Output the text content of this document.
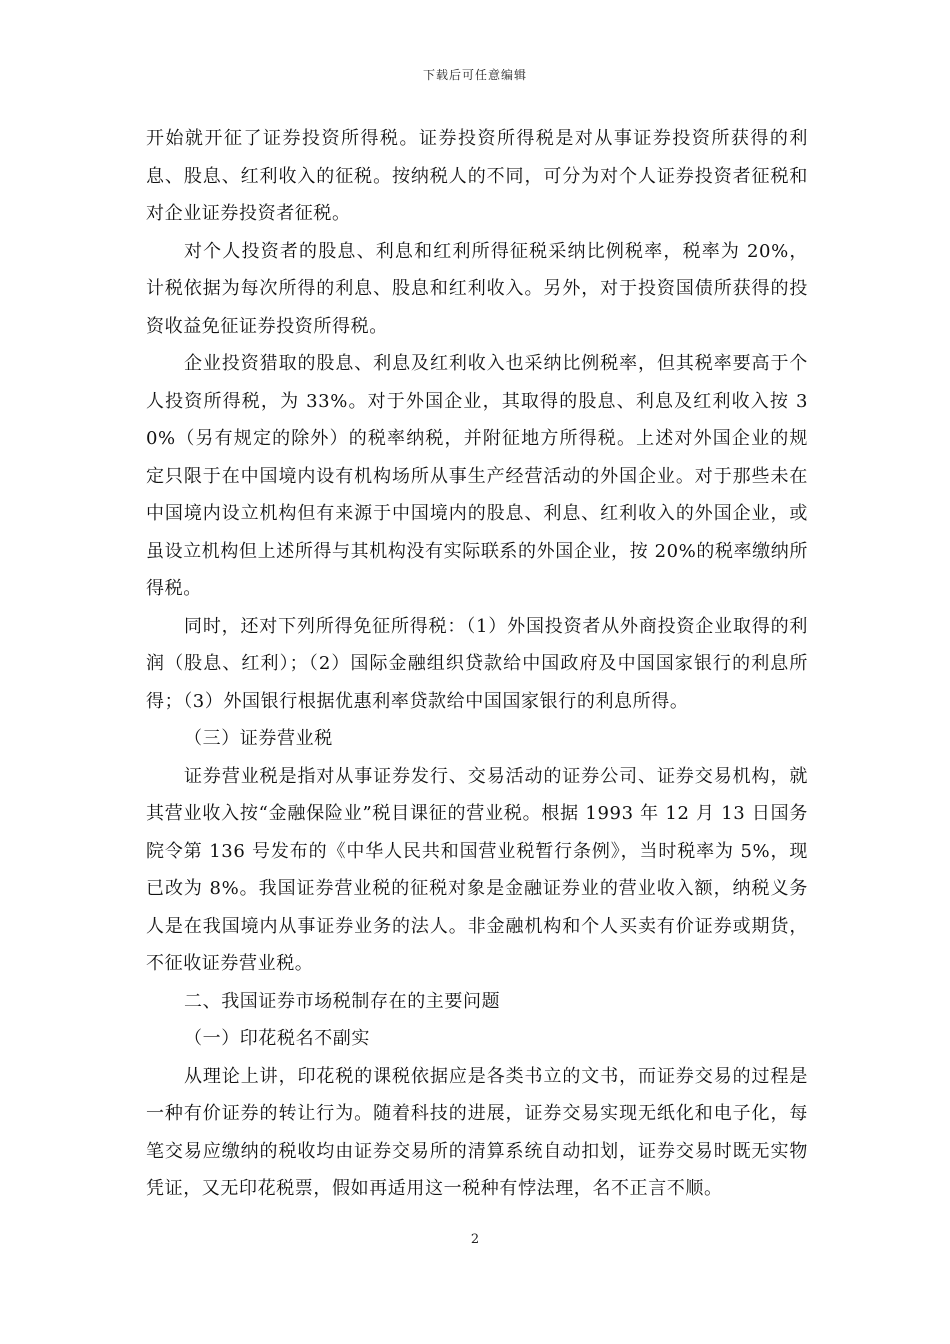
下载后可任意编辑

开始就开征了证券投资所得税。证券投资所得税是对从事证券投资所获得的利息、股息、红利收入的征税。按纳税人的不同，可分为对个人证券投资者征税和对企业证券投资者征税。

对个人投资者的股息、利息和红利所得征税采纳比例税率，税率为 20%，计税依据为每次所得的利息、股息和红利收入。另外，对于投资国债所获得的投资收益免征证券投资所得税。

企业投资猎取的股息、利息及红利收入也采纳比例税率，但其税率要高于个人投资所得税，为 33%。对于外国企业，其取得的股息、利息及红利收入按 30%（另有规定的除外）的税率纳税，并附征地方所得税。上述对外国企业的规定只限于在中国境内设有机构场所从事生产经营活动的外国企业。对于那些未在中国境内设立机构但有来源于中国境内的股息、利息、红利收入的外国企业，或虽设立机构但上述所得与其机构没有实际联系的外国企业，按 20%的税率缴纳所得税。

同时，还对下列所得免征所得税：（1）外国投资者从外商投资企业取得的利润（股息、红利）；（2）国际金融组织贷款给中国政府及中国国家银行的利息所得；（3）外国银行根据优惠利率贷款给中国国家银行的利息所得。

（三）证券营业税

证券营业税是指对从事证券发行、交易活动的证券公司、证券交易机构，就其营业收入按“金融保险业”税目课征的营业税。根据 1993 年 12 月 13 日国务院令第 136 号发布的《中华人民共和国营业税暂行条例》，当时税率为 5%，现已改为 8%。我国证券营业税的征税对象是金融证券业的营业收入额，纳税义务人是在我国境内从事证券业务的法人。非金融机构和个人买卖有价证券或期货，不征收证券营业税。

二、我国证券市场税制存在的主要问题

（一）印花税名不副实

从理论上讲，印花税的课税依据应是各类书立的文书，而证券交易的过程是一种有价证券的转让行为。随着科技的进展，证券交易实现无纸化和电子化，每笔交易应缴纳的税收均由证券交易所的清算系统自动扣划，证券交易时既无实物凭证，又无印花税票，假如再适用这一税种有悖法理，名不正言不顺。

2
